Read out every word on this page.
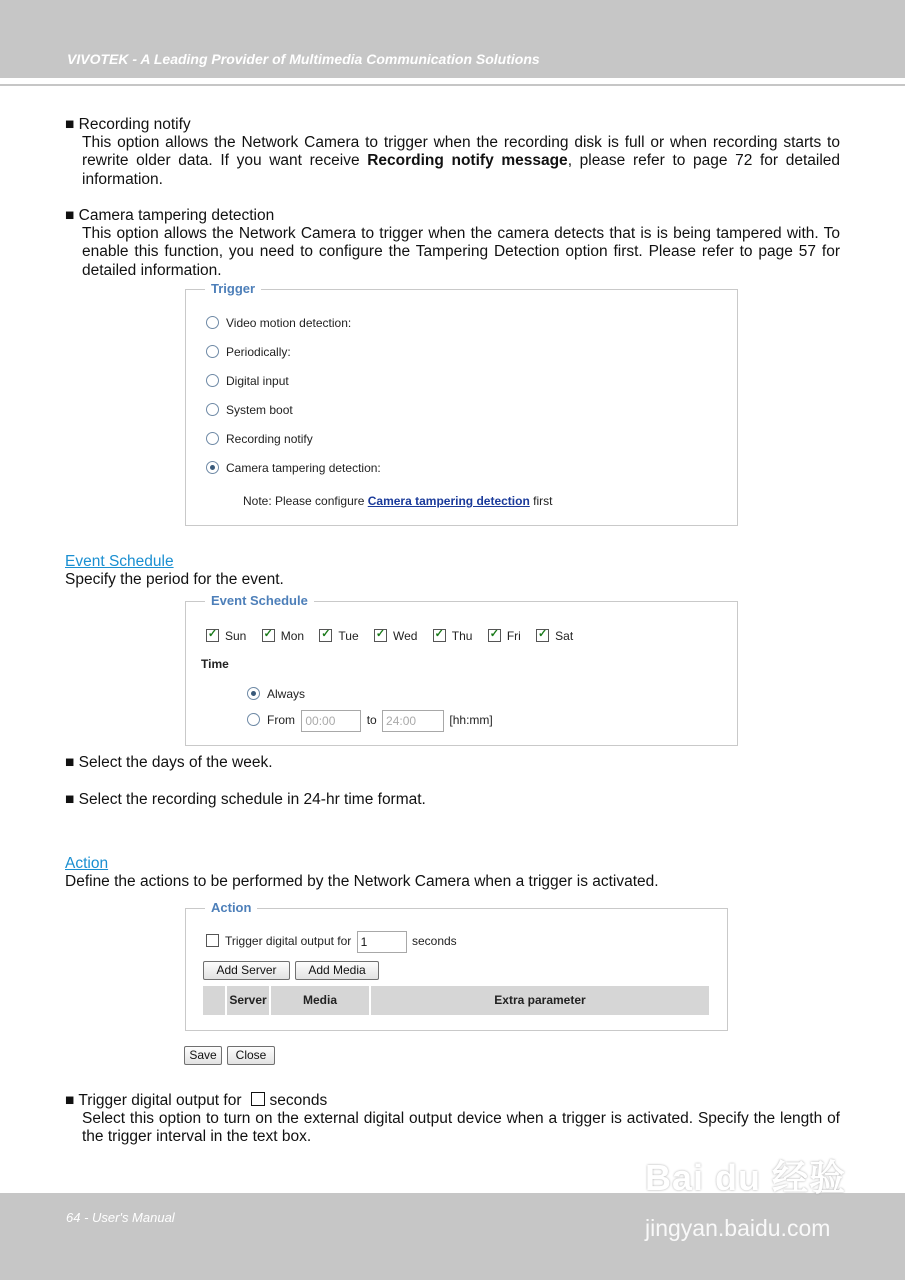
VIVOTEK - A Leading Provider of Multimedia Communication Solutions
■ Recording notify
This option allows the Network Camera to trigger when the recording disk is full or when recording starts to rewrite older data. If you want receive Recording notify message, please refer to page 72 for detailed information.
■ Camera tampering detection
This option allows the Network Camera to trigger when the camera detects that is is being tampered with. To enable this function, you need to configure the Tampering Detection option first. Please refer to page 57 for detailed information.
Trigger
Video motion detection:
Periodically:
Digital input
System boot
Recording notify
Camera tampering detection:
Note: Please configure Camera tampering detection first
Event Schedule
Specify the period for the event.
Event Schedule
✓Sun ✓	Mon ✓	Tue ✓	Wed ✓	Thu ✓	Fri ✓	Sat
Time
Always
From 00:00	to 24:00	[hh:mm]
■ Select the days of the week.
■ Select the recording schedule in 24-hr time format.
Action
Define the actions to be performed by the Network Camera when a trigger is activated.
Action
Trigger digital output for 1	seconds
Add Server	Add Media
Server	Media	Extra parameter
Save	Close
■ Trigger digital output for seconds
Select this option to turn on the external digital output device when a trigger is activated. Specify the length of the trigger interval in the text box.
64 - User's Manual
Bai du 经验
jingyan.baidu.com
